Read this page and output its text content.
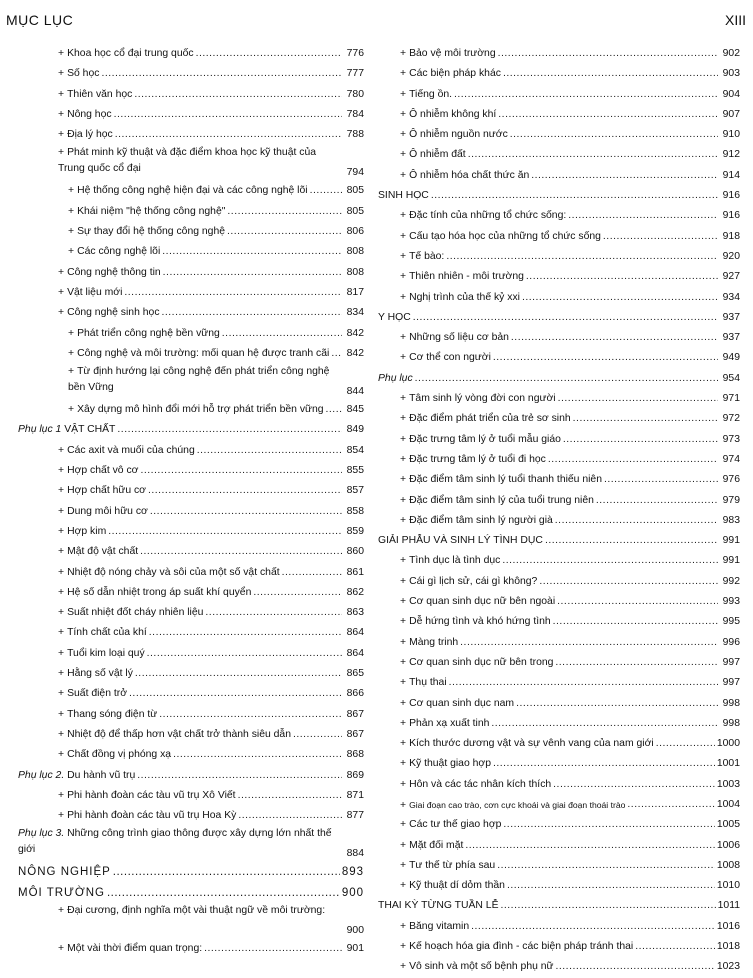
MỤC LỤC	XIII
+ Khoa học cổ đại trung quốc .....	776
+ Số học .....	777
+ Thiên văn học .....	780
+ Nông học .....	784
+ Địa lý học .....	788
+ Phát minh kỹ thuật và đặc điểm khoa học kỹ thuật của Trung quốc cổ đại	794
+ Hệ thống công nghệ hiện đại và các công nghệ lõi .....	805
+ Khái niệm "hệ thống công nghệ" .....	805
+ Sự thay đổi hệ thống công nghệ .....	806
+ Các công nghệ lõi .....	808
+ Công nghệ thông tin .....	808
+ Vật liệu mới .....	817
+ Công nghệ sinh học .....	834
+ Phát triển công nghệ bền vững .....	842
+ Công nghệ và môi trường: mối quan hệ được tranh cãi ..... 842
+ Từ định hướng lại công nghệ đến phát triển công nghệ bền Vững	844
+ Xây dựng mô hình đổi mới hỗ trợ phát triển bền vững ..... 845
Phụ lục 1 VẬT CHẤT .....	849
+ Các axit và muối của chúng .....	854
+ Hợp chất vô cơ .....	855
+ Hợp chất hữu cơ .....	857
+ Dung môi hữu cơ .....	858
+ Hợp kim .....	859
+ Mật độ vật chất .....	860
+ Nhiệt độ nóng chảy và sôi của một số vật chất .....	861
+ Hệ số dẫn nhiệt trong áp suất khí quyển .....	862
+ Suất nhiệt đốt cháy nhiên liệu .....	863
+ Tính chất của khí .....	864
+ Tuổi kim loại quý .....	864
+ Hằng số vật lý .....	865
+ Suất điện trở .....	866
+ Thang sóng điện từ .....	867
+ Nhiệt độ để thấp hơn vật chất trở thành siêu dẫn .....	867
+ Chất đồng vị phóng xạ .....	868
Phụ lục 2. Du hành vũ trụ .....	869
+ Phi hành đoàn các tàu vũ trụ Xô Viết .....	871
+ Phi hành đoàn các tàu vũ trụ Hoa Kỳ .....	877
Phụ lục 3. Những công trình giao thông được xây dựng lớn nhất thế giới	884
NÔNG NGHIỆP .....	893
MÔI TRƯỜNG .....	900
+ Đại cương, định nghĩa một vài thuật ngữ về môi trường:
900
+ Một vài thời điểm quan trọng: .....	901
+ Bảo vệ môi trường .....	902
+ Các biện pháp khác .....	903
+ Tiếng ồn. .....	904
+ Ô nhiễm không khí .....	907
+ Ô nhiễm nguồn nước .....	910
+ Ô nhiễm đất .....	912
+ Ô nhiễm hóa chất thức ăn .....	914
SINH HỌC .....	916
+ Đặc tính của những tổ chức sống: .....	916
+ Cấu tạo hóa học của những tổ chức sống .....	918
+ Tế bào: .....	920
+ Thiên nhiên - môi trường .....	927
+ Nghị trình của thế kỷ xxi .....	934
Y HỌC .....	937
+ Những số liệu cơ bản .....	937
+ Cơ thể con người .....	949
Phụ lục .....	954
+ Tâm sinh lý vòng đời con người .....	971
+ Đặc điểm phát triển của trẻ sơ sinh .....	972
+ Đặc trưng tâm lý ở tuổi mẫu giáo .....	973
+ Đặc trưng tâm lý ở tuổi đi học .....	974
+ Đặc điểm tâm sinh lý tuổi thanh thiếu niên .....	976
+ Đặc điểm tâm sinh lý của tuổi trung niên .....	979
+ Đặc điểm tâm sinh lý người già .....	983
GIẢI PHẪU VÀ SINH LÝ TÌNH DỤC .....	991
+ Tình dục là tình dục .....	991
+ Cái gì lịch sử, cái gì không? .....	992
+ Cơ quan sinh dục nữ bên ngoài .....	993
+ Dễ hứng tình và khó hứng tình .....	995
+ Màng trinh .....	996
+ Cơ quan sinh dục nữ bên trong .....	997
+ Thụ thai .....	997
+ Cơ quan sinh dục nam .....	998
+ Phản xạ xuất tinh .....	998
+ Kích thước dương vật và sự vênh vang của nam giới .....	1000
+ Kỹ thuật giao hợp .....	1001
+ Hôn và các tác nhân kích thích .....	1003
+ Giai đoạn cao trào, cơn cực khoái và giai đoạn thoái trào .....	1004
+ Các tư thế giao hợp .....	1005
+ Mặt đối mặt .....	1006
+ Tư thế từ phía sau .....	1008
+ Kỹ thuật dí dỏm thần .....	1010
THAI KỲ TỪNG TUẦN LỄ .....	1011
+ Băng vitamin .....	1016
+ Kế hoạch hóa gia đình - các biện pháp tránh thai .....	1018
+ Vô sinh và một số bệnh phụ nữ .....	1023
